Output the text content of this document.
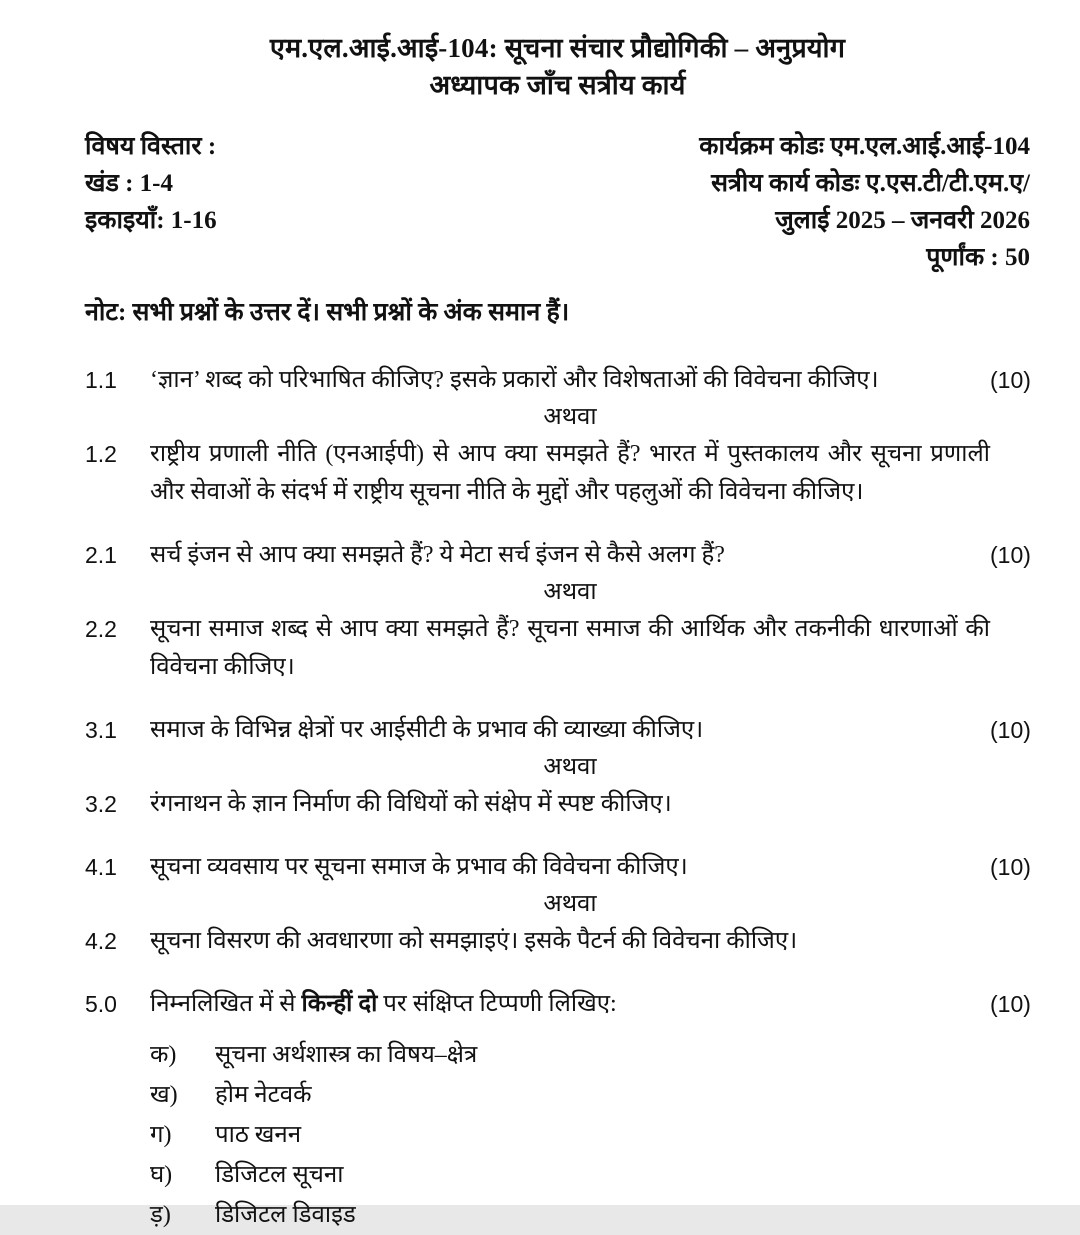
एम.एल.आई.आई-104: सूचना संचार प्रौद्योगिकी – अनुप्रयोग
अध्यापक जाँच सत्रीय कार्य
विषय विस्तार :
खंड : 1-4
इकाइयाँ: 1-16
कार्यक्रम कोडः एम.एल.आई.आई-104
सत्रीय कार्य कोडः ए.एस.टी/टी.एम.ए/
जुलाई 2025 – जनवरी 2026
पूर्णांक : 50
नोट: सभी प्रश्नों के उत्तर दें। सभी प्रश्नों के अंक समान हैं।
1.1	‘ज्ञान’ शब्द को परिभाषित कीजिए? इसके प्रकारों और विशेषताओं की विवेचना कीजिए।	(10)
अथवा
1.2	राष्ट्रीय प्रणाली नीति (एनआईपी) से आप क्या समझते हैं? भारत में पुस्तकालय और सूचना प्रणाली और सेवाओं के संदर्भ में राष्ट्रीय सूचना नीति के मुद्दों और पहलुओं की विवेचना कीजिए।

2.1	सर्च इंजन से आप क्या समझते हैं? ये मेटा सर्च इंजन से कैसे अलग हैं?	(10)
अथवा
2.2	सूचना समाज शब्द से आप क्या समझते हैं? सूचना समाज की आर्थिक और तकनीकी धारणाओं की विवेचना कीजिए।

3.1	समाज के विभिन्न क्षेत्रों पर आईसीटी के प्रभाव की व्याख्या कीजिए।	(10)
अथवा
3.2	रंगनाथन के ज्ञान निर्माण की विधियों को संक्षेप में स्पष्ट कीजिए।

4.1	सूचना व्यवसाय पर सूचना समाज के प्रभाव की विवेचना कीजिए।	(10)
अथवा
4.2	सूचना विसरण की अवधारणा को समझाइएं। इसके पैटर्न की विवेचना कीजिए।

5.0	निम्नलिखित में से किन्हीं दो पर संक्षिप्त टिप्पणी लिखिए:	(10)
क)	सूचना अर्थशास्त्र का विषय–क्षेत्र
ख)	होम नेटवर्क
ग)	पाठ खनन
घ)	डिजिटल सूचना
ड़)	डिजिटल डिवाइड
